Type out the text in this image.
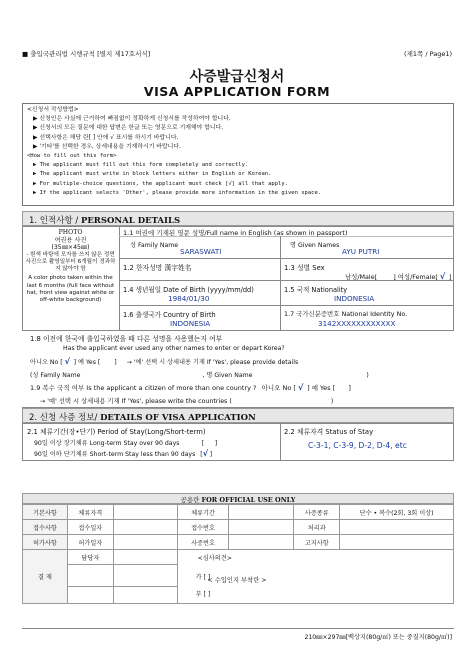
■ 출입국관리법 시행규칙 [별지 제17호서식]	(제1쪽 / Page1)
사증발급신청서
VISA APPLICATION FORM
<신청서 작성방법>
▶ 신청인은 사실에 근거하여 빠짐없이 정확하게 신청서를 작성하여야 합니다.
▶ 신청서의 모든 질문에 대한 답변은 한글 또는 영문으로 기재해야 합니다.
▶ 선택사항은 해당 란[ ] 안에 √ 표시를 하시기 바랍니다.
▶ '기타'를 선택한 경우, 상세내용을 기재하시기 바랍니다.
<How to fill out this form>
▶ The applicant must fill out this form completely and correctly.
▶ The applicant must write in block letters either in English or Korean.
▶ For multiple-choice questions, the applicant must check [√] all that apply.
▶ If the applicant selects 'Other', please provide more information in the given space.
1. 인적사항 / PERSONAL DETAILS
PHOTO
여권용 사진
(35㎜×45㎜)
- 흰색 바탕에 모자를 쓰지 않은 정면 사진으로 촬영일부터 6개월이 경과하지 않아야 함
A color photo taken within the last 6 months (full face without hat, front view against white or off-white background)
1.1 여권에 기재된 영문 성명/Full name in English (as shown in passport)
성 Family Name
SARASWATI
명 Given Names
AYU PUTRI
1.2 한자성명 漢字姓名	1.3 성별 Sex
남성/Male[	] 여성/Female[ √ ]
1.4 생년월일 Date of Birth (yyyy/mm/dd)
1984/01/30
1.5 국적 Nationality
INDONESIA
1.6 출생국가 Country of Birth
INDONESIA
1.7 국가신분증번호 National Identity No.
3142XXXXXXXXXXXX
1.8 이전에 한국에 출입국하였을 때 다른 성명을 사용했는지 여부
Has the applicant ever used any other names to enter or depart Korea?
아니오 No [ √ ] 예 Yes [ ] → '예' 선택 시 상세내용 기재 If 'Yes', please provide details
(성 Family Name	, 명 Given Name	)
1.9 복수 국적 여부 Is the applicant a citizen of more than one country ? 아니오 No [ √ ] 예 Yes [ ]
→ '예' 선택 시 상세내용 기재 If 'Yes', please write the countries (	)
2. 신청 사증 정보/ DETAILS OF VISA APPLICATION
2.1 체류기간(장•단기) Period of Stay(Long/Short-term)
90일 이상 장기체류 Long-term Stay over 90 days	[ ]
90일 이하 단기체류 Short-term Stay less than 90 days [√ ]
2.2 체류자격 Status of Stay
C-3-1, C-3-9, D-2, D-4, etc
공용란 FOR OFFICIAL USE ONLY
기본사항	체류자격		체류기간		사증종류	단수 • 복수(2회, 3회 이상)
접수사항	접수일자		접수번호		처리과	
허가사항	허가일자		사증번호		고지사항	
결 재	담당자		<심사의견>
가 [ ]
부 [ ]			

< 수입인지 부착란 >
210㎜×297㎜[백상지(80g/㎡) 또는 중질지(80g/㎡)]
